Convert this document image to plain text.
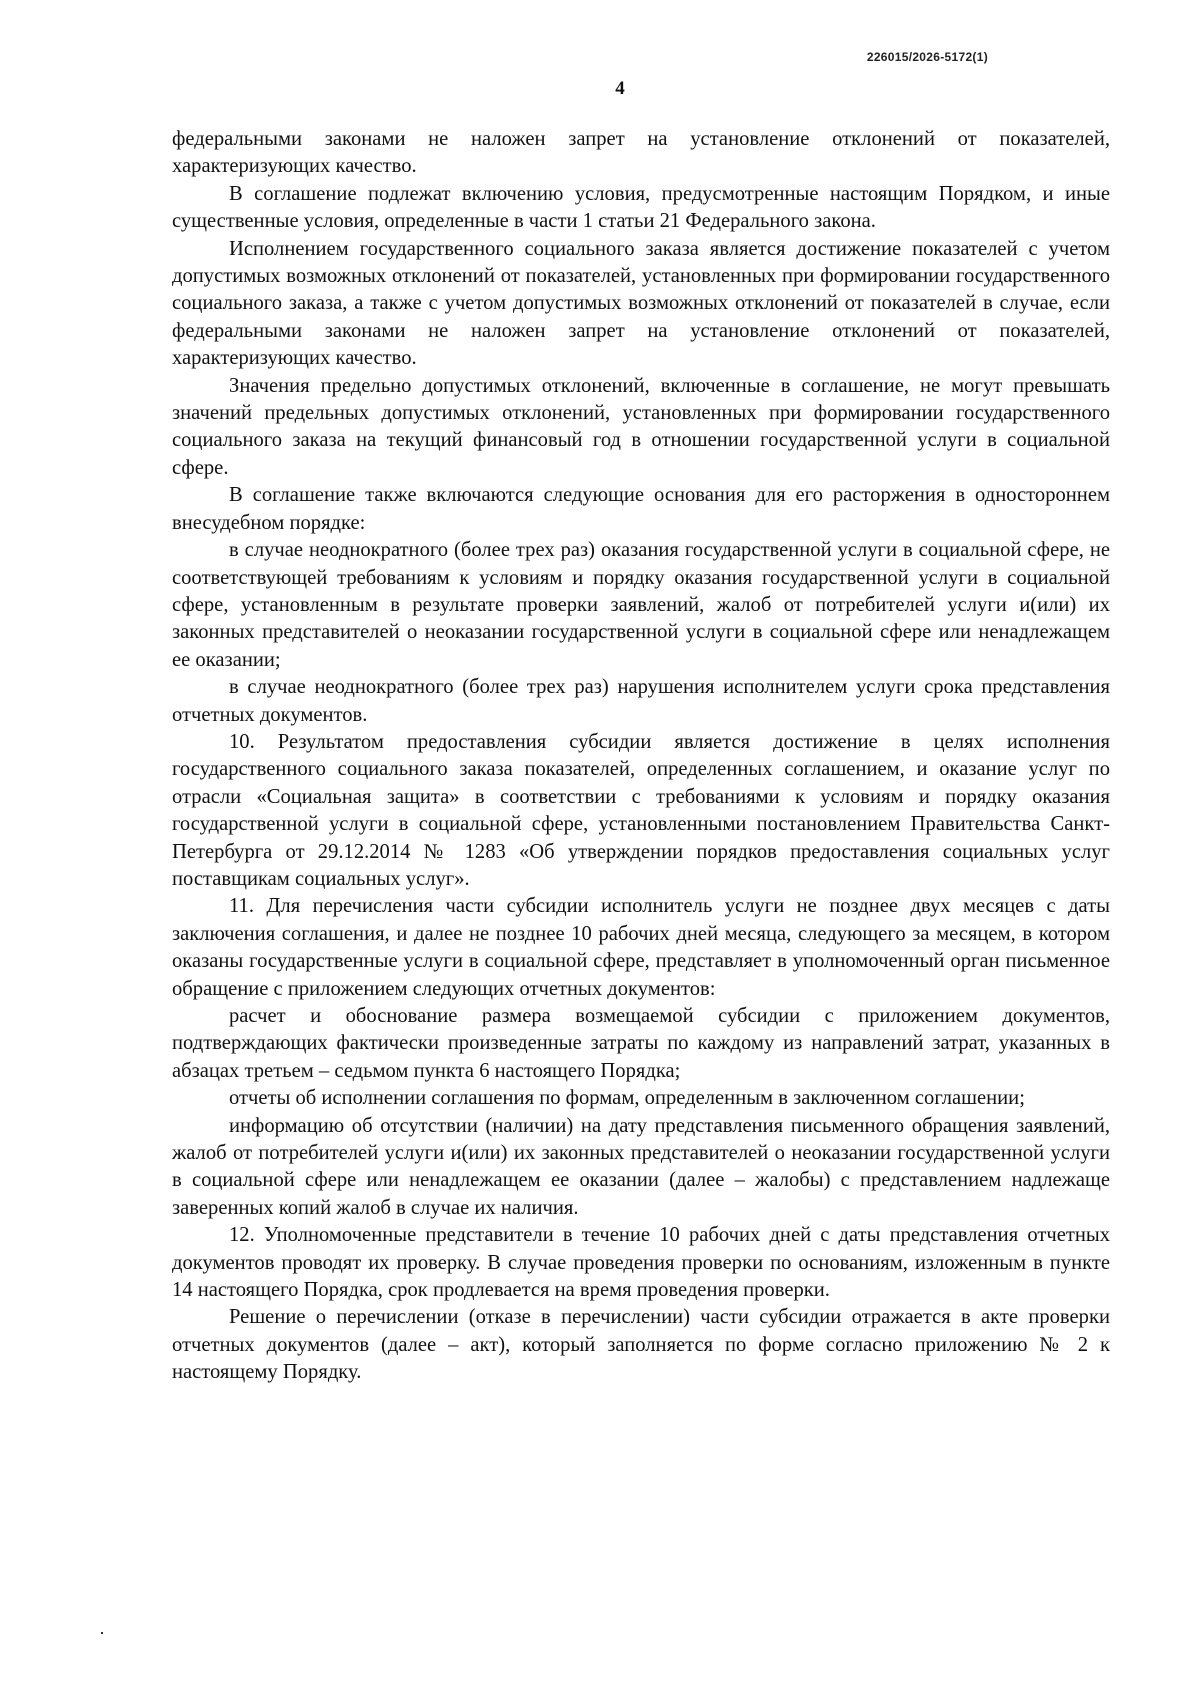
226015/2026-5172(1)
4

федеральными законами не наложен запрет на установление отклонений от показателей, характеризующих качество.

В соглашение подлежат включению условия, предусмотренные настоящим Порядком, и иные существенные условия, определенные в части 1 статьи 21 Федерального закона.

Исполнением государственного социального заказа является достижение показателей с учетом допустимых возможных отклонений от показателей, установленных при формировании государственного социального заказа, а также с учетом допустимых возможных отклонений от показателей в случае, если федеральными законами не наложен запрет на установление отклонений от показателей, характеризующих качество.

Значения предельно допустимых отклонений, включенные в соглашение, не могут превышать значений предельных допустимых отклонений, установленных при формировании государственного социального заказа на текущий финансовый год в отношении государственной услуги в социальной сфере.

В соглашение также включаются следующие основания для его расторжения в одностороннем внесудебном порядке:

в случае неоднократного (более трех раз) оказания государственной услуги в социальной сфере, не соответствующей требованиям к условиям и порядку оказания государственной услуги в социальной сфере, установленным в результате проверки заявлений, жалоб от потребителей услуги и(или) их законных представителей о неоказании государственной услуги в социальной сфере или ненадлежащем ее оказании;

в случае неоднократного (более трех раз) нарушения исполнителем услуги срока представления отчетных документов.

10. Результатом предоставления субсидии является достижение в целях исполнения государственного социального заказа показателей, определенных соглашением, и оказание услуг по отрасли «Социальная защита» в соответствии с требованиями к условиям и порядку оказания государственной услуги в социальной сфере, установленными постановлением Правительства Санкт-Петербурга от 29.12.2014 № 1283 «Об утверждении порядков предоставления социальных услуг поставщикам социальных услуг».

11. Для перечисления части субсидии исполнитель услуги не позднее двух месяцев с даты заключения соглашения, и далее не позднее 10 рабочих дней месяца, следующего за месяцем, в котором оказаны государственные услуги в социальной сфере, представляет в уполномоченный орган письменное обращение с приложением следующих отчетных документов:

расчет и обоснование размера возмещаемой субсидии с приложением документов, подтверждающих фактически произведенные затраты по каждому из направлений затрат, указанных в абзацах третьем – седьмом пункта 6 настоящего Порядка;

отчеты об исполнении соглашения по формам, определенным в заключенном соглашении;

информацию об отсутствии (наличии) на дату представления письменного обращения заявлений, жалоб от потребителей услуги и(или) их законных представителей о неоказании государственной услуги в социальной сфере или ненадлежащем ее оказании (далее – жалобы) с представлением надлежаще заверенных копий жалоб в случае их наличия.

12. Уполномоченные представители в течение 10 рабочих дней с даты представления отчетных документов проводят их проверку. В случае проведения проверки по основаниям, изложенным в пункте 14 настоящего Порядка, срок продлевается на время проведения проверки.

Решение о перечислении (отказе в перечислении) части субсидии отражается в акте проверки отчетных документов (далее – акт), который заполняется по форме согласно приложению № 2 к настоящему Порядку.
